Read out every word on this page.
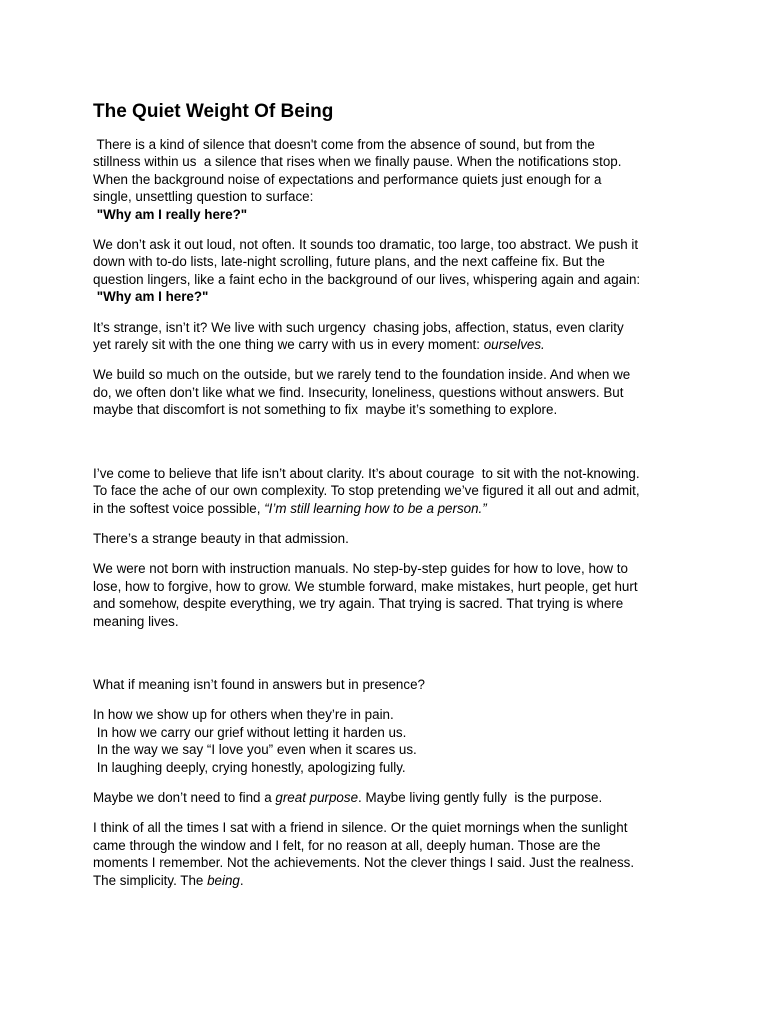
The Quiet Weight Of Being

There is a kind of silence that doesn't come from the absence of sound, but from the
stillness within us  a silence that rises when we finally pause. When the notifications stop.
When the background noise of expectations and performance quiets just enough for a
single, unsettling question to surface:
"Why am I really here?"

We don’t ask it out loud, not often. It sounds too dramatic, too large, too abstract. We push it
down with to-do lists, late-night scrolling, future plans, and the next caffeine fix. But the
question lingers, like a faint echo in the background of our lives, whispering again and again:
"Why am I here?"

It’s strange, isn’t it? We live with such urgency  chasing jobs, affection, status, even clarity
yet rarely sit with the one thing we carry with us in every moment: ourselves.

We build so much on the outside, but we rarely tend to the foundation inside. And when we
do, we often don’t like what we find. Insecurity, loneliness, questions without answers. But
maybe that discomfort is not something to fix  maybe it’s something to explore.

I’ve come to believe that life isn’t about clarity. It’s about courage  to sit with the not-knowing.
To face the ache of our own complexity. To stop pretending we’ve figured it all out and admit,
in the softest voice possible, “I’m still learning how to be a person.”

There’s a strange beauty in that admission.

We were not born with instruction manuals. No step-by-step guides for how to love, how to
lose, how to forgive, how to grow. We stumble forward, make mistakes, hurt people, get hurt
and somehow, despite everything, we try again. That trying is sacred. That trying is where
meaning lives.

What if meaning isn’t found in answers but in presence?

In how we show up for others when they’re in pain.
In how we carry our grief without letting it harden us.
In the way we say “I love you” even when it scares us.
In laughing deeply, crying honestly, apologizing fully.

Maybe we don’t need to find a great purpose. Maybe living gently fully  is the purpose.

I think of all the times I sat with a friend in silence. Or the quiet mornings when the sunlight
came through the window and I felt, for no reason at all, deeply human. Those are the
moments I remember. Not the achievements. Not the clever things I said. Just the realness.
The simplicity. The being.
